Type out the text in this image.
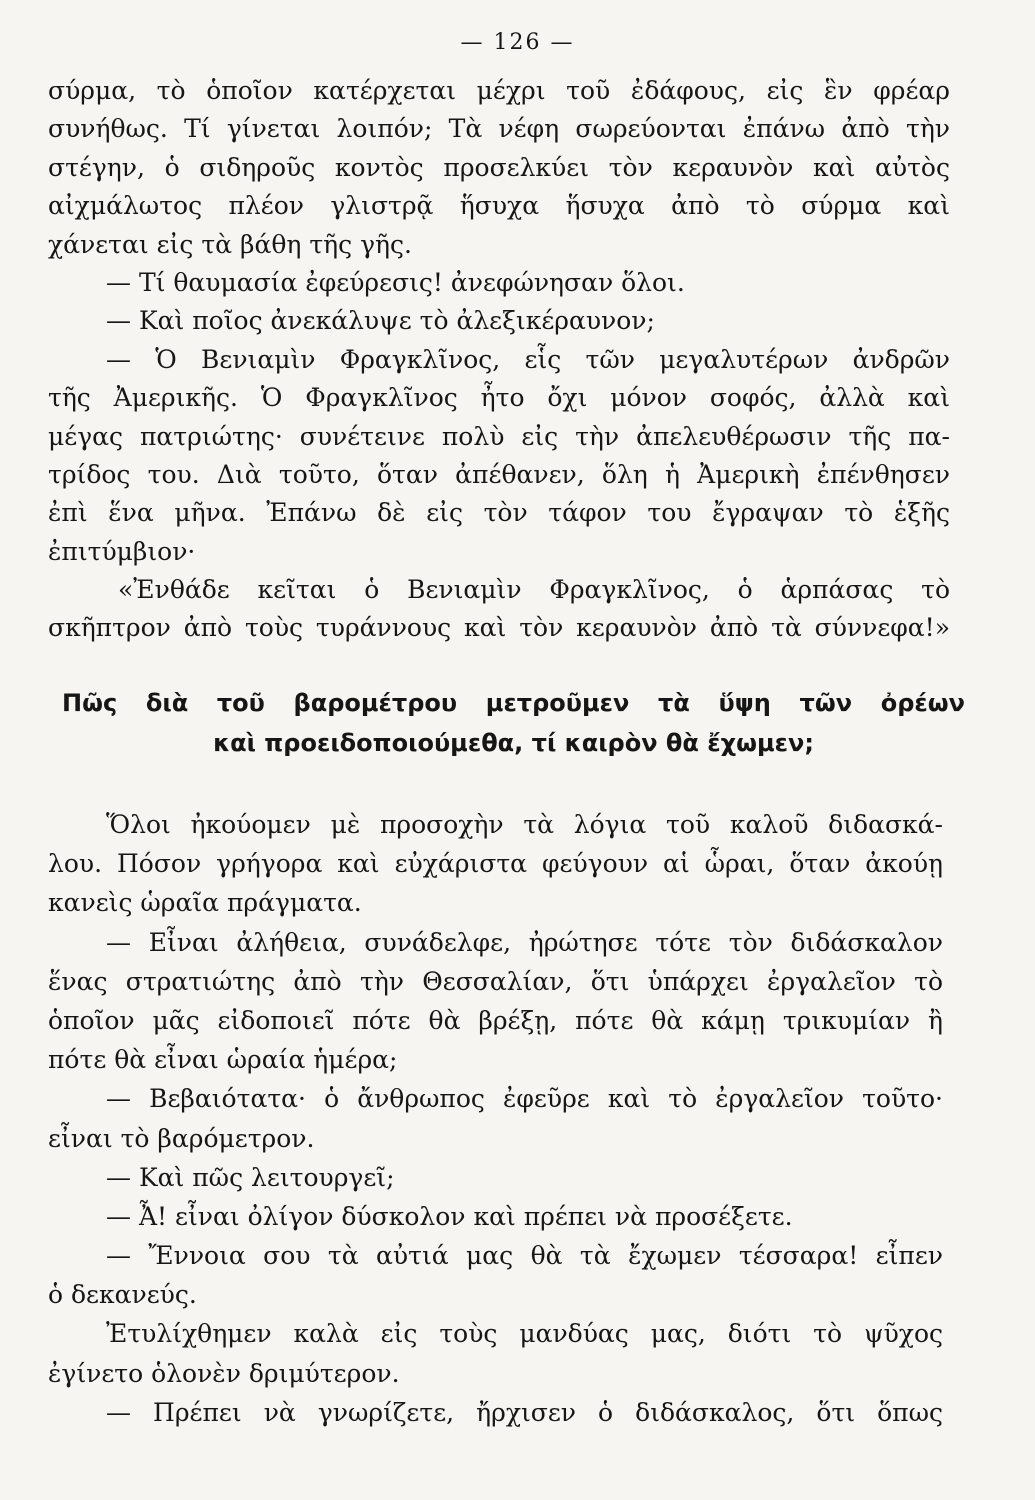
— 126 —
σύρμα, τὸ ὁποῖον κατέρχεται μέχρι τοῦ ἐδάφους, εἰς ἓν φρέαρ
συνήθως. Τί γίνεται λοιπόν; Τὰ νέφη σωρεύονται ἐπάνω ἀπὸ τὴν
στέγην, ὁ σιδηροῦς κοντὸς προσελκύει τὸν κεραυνὸν καὶ αὐτὸς
αἰχμάλωτος πλέον γλιστρᾷ ἥσυχα ἥσυχα ἀπὸ τὸ σύρμα καὶ
χάνεται εἰς τὰ βάθη τῆς γῆς.
— Τί θαυμασία ἐφεύρεσις! ἀνεφώνησαν ὅλοι.
— Καὶ ποῖος ἀνεκάλυψε τὸ ἀλεξικέραυνον;
— Ὁ Βενιαμὶν Φραγκλῖνος, εἷς τῶν μεγαλυτέρων ἀνδρῶν
τῆς Ἀμερικῆς. Ὁ Φραγκλῖνος ἦτο ὄχι μόνον σοφός, ἀλλὰ καὶ
μέγας πατριώτης· συνέτεινε πολὺ εἰς τὴν ἀπελευθέρωσιν τῆς πα-
τρίδος του. Διὰ τοῦτο, ὅταν ἀπέθανεν, ὅλη ἡ Ἀμερικὴ ἐπένθησεν
ἐπὶ ἕνα μῆνα. Ἐπάνω δὲ εἰς τὸν τάφον του ἔγραψαν τὸ ἑξῆς
ἐπιτύμβιον·
«Ἐνθάδε κεῖται ὁ Βενιαμὶν Φραγκλῖνος, ὁ ἁρπάσας τὸ
σκῆπτρον ἀπὸ τοὺς τυράννους καὶ τὸν κεραυνὸν ἀπὸ τὰ σύννεφα!»
Πῶς διὰ τοῦ βαρομέτρου μετροῦμεν τὰ ὕψη τῶν ὀρέων
καὶ προειδοποιούμεθα, τί καιρὸν θὰ ἔχωμεν;
Ὅλοι ἠκούομεν μὲ προσοχὴν τὰ λόγια τοῦ καλοῦ διδασκά-
λου. Πόσον γρήγορα καὶ εὐχάριστα φεύγουν αἱ ὧραι, ὅταν ἀκούῃ
κανεὶς ὡραῖα πράγματα.
— Εἶναι ἀλήθεια, συνάδελφε, ἠρώτησε τότε τὸν διδάσκαλον
ἕνας στρατιώτης ἀπὸ τὴν Θεσσαλίαν, ὅτι ὑπάρχει ἐργαλεῖον τὸ
ὁποῖον μᾶς εἰδοποιεῖ πότε θὰ βρέξῃ, πότε θὰ κάμῃ τρικυμίαν ἢ
πότε θὰ εἶναι ὡραία ἡμέρα;
— Βεβαιότατα· ὁ ἄνθρωπος ἐφεῦρε καὶ τὸ ἐργαλεῖον τοῦτο·
εἶναι τὸ βαρόμετρον.
— Καὶ πῶς λειτουργεῖ;
— Ἆ! εἶναι ὀλίγον δύσκολον καὶ πρέπει νὰ προσέξετε.
— Ἔννοια σου τὰ αὐτιά μας θὰ τὰ ἔχωμεν τέσσαρα! εἶπεν
ὁ δεκανεύς.
Ἐτυλίχθημεν καλὰ εἰς τοὺς μανδύας μας, διότι τὸ ψῦχος
ἐγίνετο ὁλονὲν δριμύτερον.
— Πρέπει νὰ γνωρίζετε, ἤρχισεν ὁ διδάσκαλος, ὅτι ὅπως
